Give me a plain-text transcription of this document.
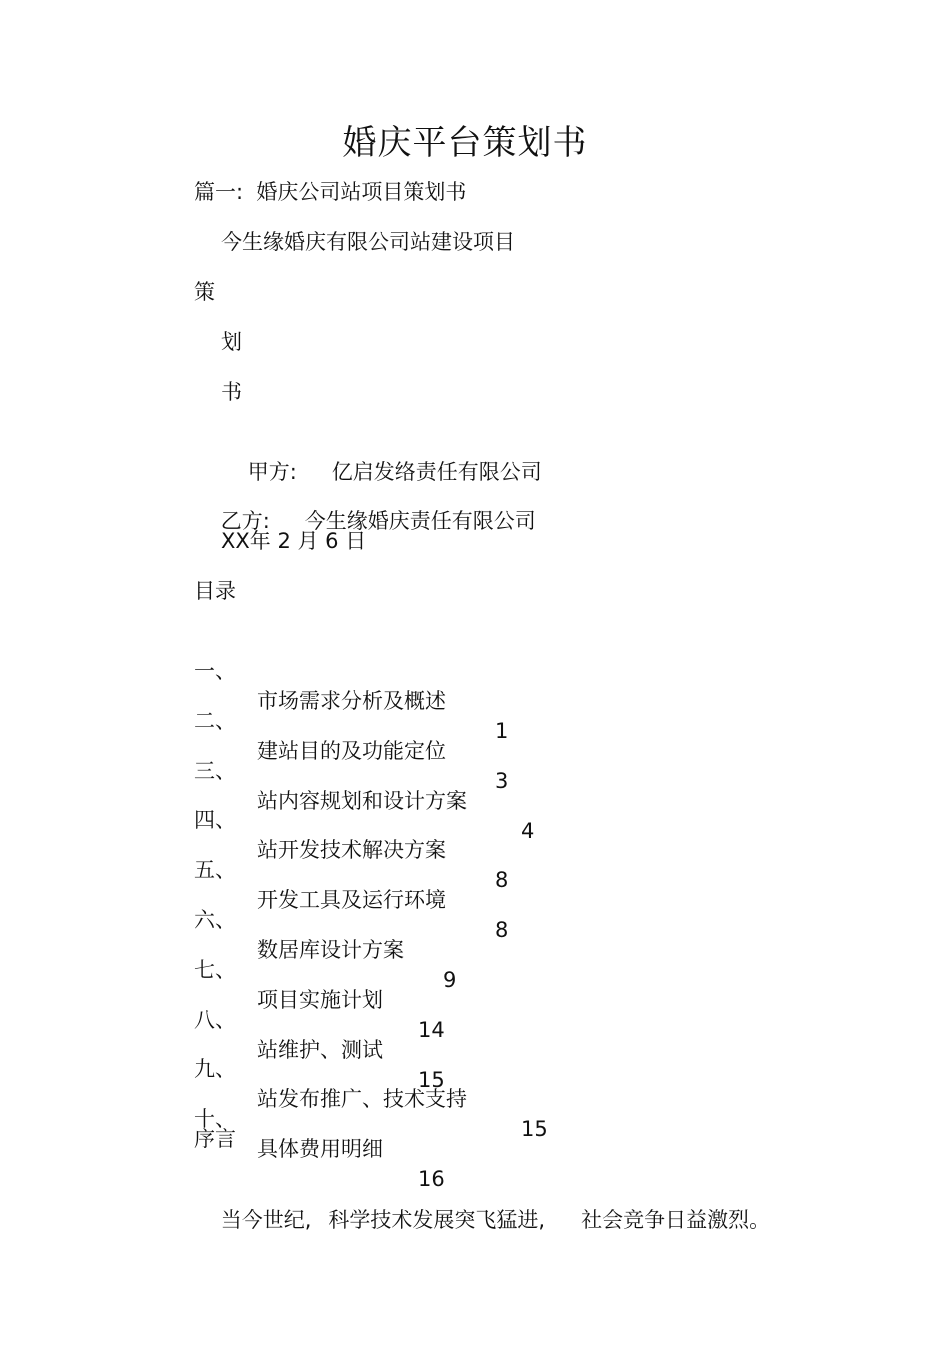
婚庆平台策划书
篇一:  婚庆公司站项目策划书
今生缘婚庆有限公司站建设项目
策
划
书

甲方: 亿启发络责任有限公司

乙方: 今生缘婚庆责任有限公司

XX年 2 月 6 日
目录

一、

市场需求分析及概述

1

二、

建站目的及功能定位

3

三、

站内容规划和设计方案

4

四、

站开发技术解决方案

8

五、

开发工具及运行环境

8

六、

数居库设计方案

9

七、

项目实施计划

14

八、

站维护、测试

15

九、

站发布推广、技术支持

15

十、

具体费用明细

16

序言

当今世纪, 科学技术发展突飞猛进, 社会竞争日益激烈。
